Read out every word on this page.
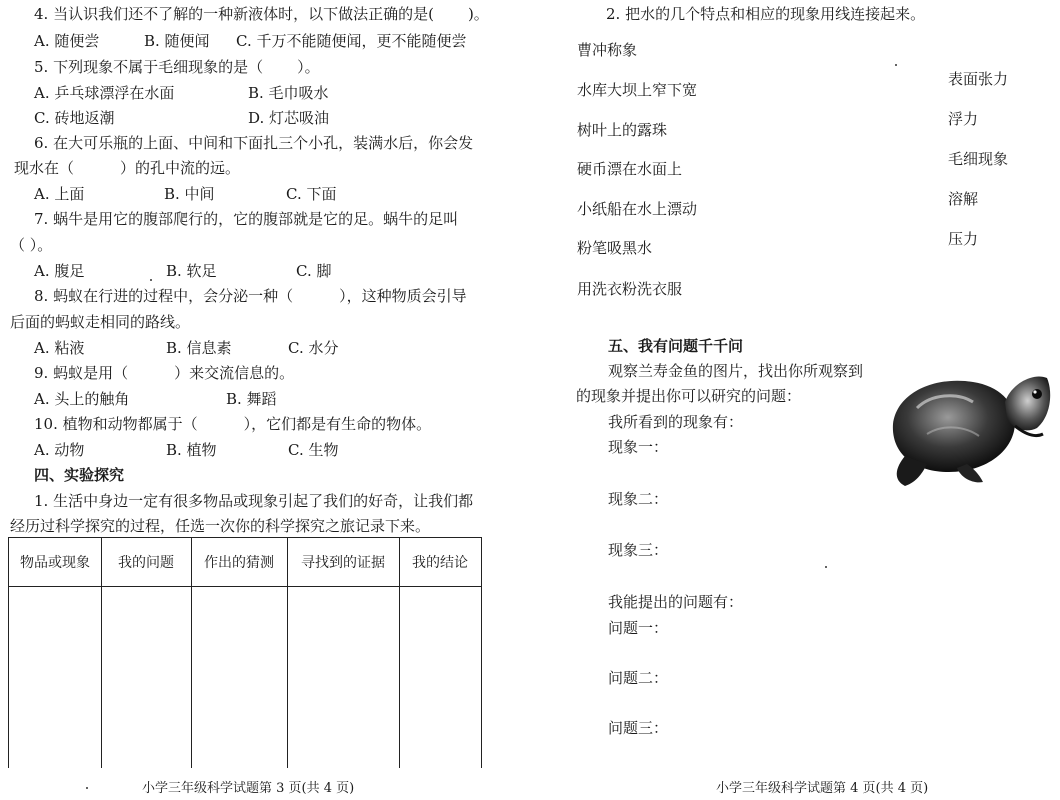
4. 当认识我们还不了解的一种新液体时，以下做法正确的是( )。
A. 随便尝	B. 随便闻 C. 千万不能随便闻，更不能随便尝
5. 下列现象不属于毛细现象的是（ ）。
A. 乒乓球漂浮在水面	B. 毛巾吸水
C. 砖地返潮	D. 灯芯吸油
6. 在大可乐瓶的上面、中间和下面扎三个小孔，装满水后，你会发
现水在（	）的孔中流的远。
A. 上面	B. 中间	C. 下面
7. 蜗牛是用它的腹部爬行的，它的腹部就是它的足。蜗牛的足叫
（ ）。
A. 腹足	B. 软足	C. 脚
8. 蚂蚁在行进的过程中，会分泌一种（	），这种物质会引导
后面的蚂蚁走相同的路线。
A. 粘液	B. 信息素	C. 水分
9. 蚂蚁是用（	）来交流信息的。
A. 头上的触角	B. 舞蹈
10. 植物和动物都属于（	），它们都是有生命的物体。
A. 动物	B. 植物	C. 生物
四、实验探究
1. 生活中身边一定有很多物品或现象引起了我们的好奇，让我们都
经历过科学探究的过程，任选一次你的科学探究之旅记录下来。
物品或现象	我的问题	作出的猜测	寻找到的证据	我的结论
小学三年级科学试题第 3 页(共 4 页)
2. 把水的几个特点和相应的现象用线连接起来。
曹冲称象
水库大坝上窄下宽
树叶上的露珠
硬币漂在水面上
小纸船在水上漂动
粉笔吸黑水
用洗衣粉洗衣服
表面张力
浮力
毛细现象
溶解
压力
五、我有问题千千问
观察兰寿金鱼的图片，找出你所观察到
的现象并提出你可以研究的问题：
我所看到的现象有：
现象一：
现象二：
现象三：
我能提出的问题有：
问题一：
问题二：
问题三：
小学三年级科学试题第 4 页(共 4 页)
